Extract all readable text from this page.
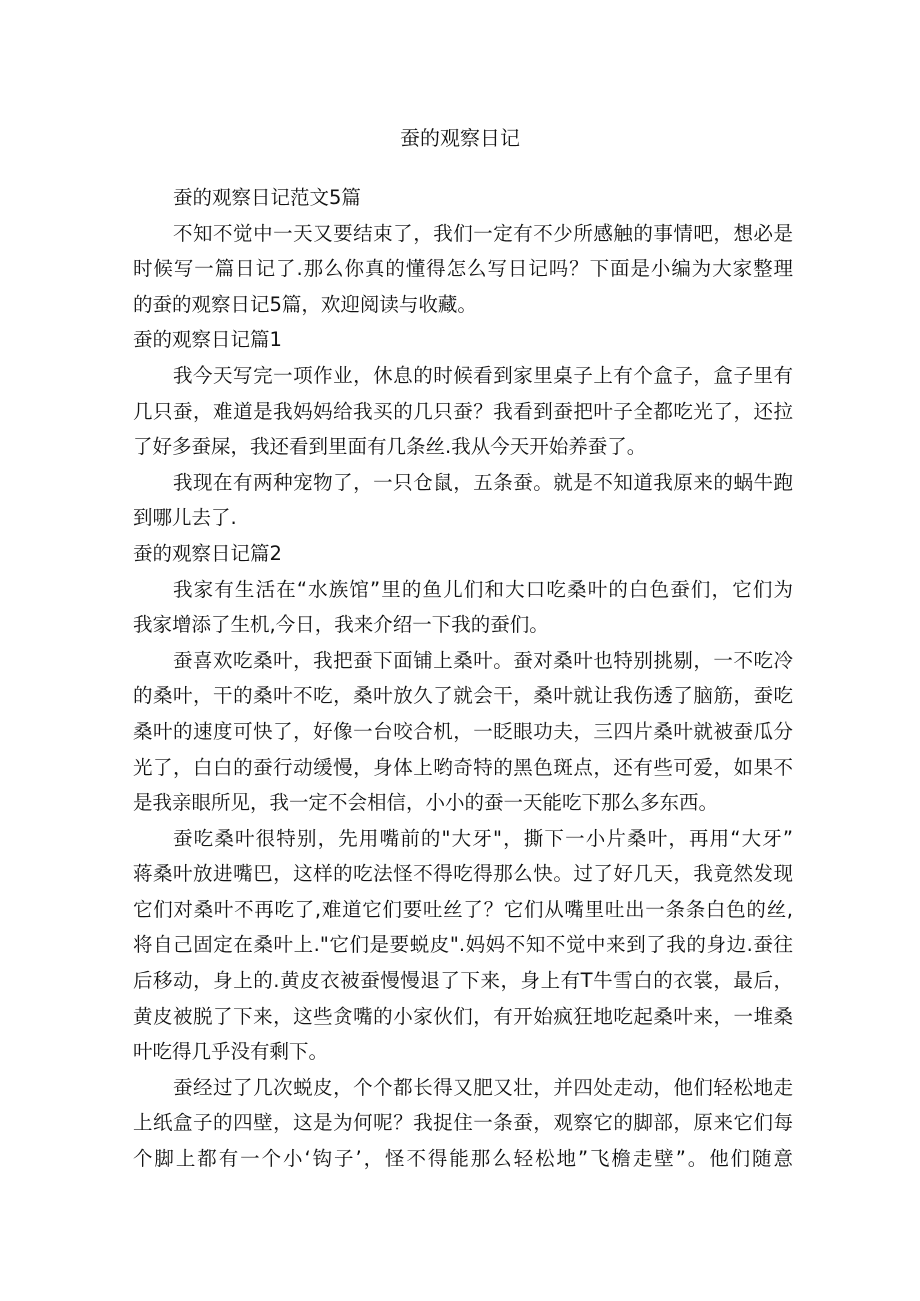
蚕的观察日记
蚕的观察日记范文5篇
不知不觉中一天又要结束了，我们一定有不少所感触的事情吧，想必是
时候写一篇日记了.那么你真的懂得怎么写日记吗？下面是小编为大家整理
的蚕的观察日记5篇，欢迎阅读与收藏。
蚕的观察日记篇1
我今天写完一项作业，休息的时候看到家里桌子上有个盒子，盒子里有
几只蚕，难道是我妈妈给我买的几只蚕？我看到蚕把叶子全都吃光了，还拉
了好多蚕屎，我还看到里面有几条丝.我从今天开始养蚕了。
我现在有两种宠物了，一只仓鼠，五条蚕。就是不知道我原来的蜗牛跑
到哪儿去了.
蚕的观察日记篇2
我家有生活在“水族馆”里的鱼儿们和大口吃桑叶的白色蚕们，它们为
我家增添了生机,今日，我来介绍一下我的蚕们。
蚕喜欢吃桑叶，我把蚕下面铺上桑叶。蚕对桑叶也特别挑剔，一不吃冷
的桑叶，干的桑叶不吃，桑叶放久了就会干，桑叶就让我伤透了脑筋，蚕吃
桑叶的速度可快了，好像一台咬合机，一眨眼功夫，三四片桑叶就被蚕瓜分
光了，白白的蚕行动缓慢，身体上哟奇特的黑色斑点，还有些可爱，如果不
是我亲眼所见，我一定不会相信，小小的蚕一天能吃下那么多东西。
蚕吃桑叶很特别，先用嘴前的"大牙"，撕下一小片桑叶，再用“大牙”
蒋桑叶放进嘴巴，这样的吃法怪不得吃得那么快。过了好几天，我竟然发现
它们对桑叶不再吃了,难道它们要吐丝了？它们从嘴里吐出一条条白色的丝,
将自己固定在桑叶上."它们是要蜕皮".妈妈不知不觉中来到了我的身边.蚕往
后移动，身上的.黄皮衣被蚕慢慢退了下来，身上有T牛雪白的衣裳，最后，
黄皮被脱了下来，这些贪嘴的小家伙们，有开始疯狂地吃起桑叶来，一堆桑
叶吃得几乎没有剩下。
蚕经过了几次蜕皮，个个都长得又肥又壮，并四处走动，他们轻松地走
上纸盒子的四壁，这是为何呢？我捉住一条蚕，观察它的脚部，原来它们每
个脚上都有一个小‘钩子’，怪不得能那么轻松地”飞檐走壁”。他们随意
